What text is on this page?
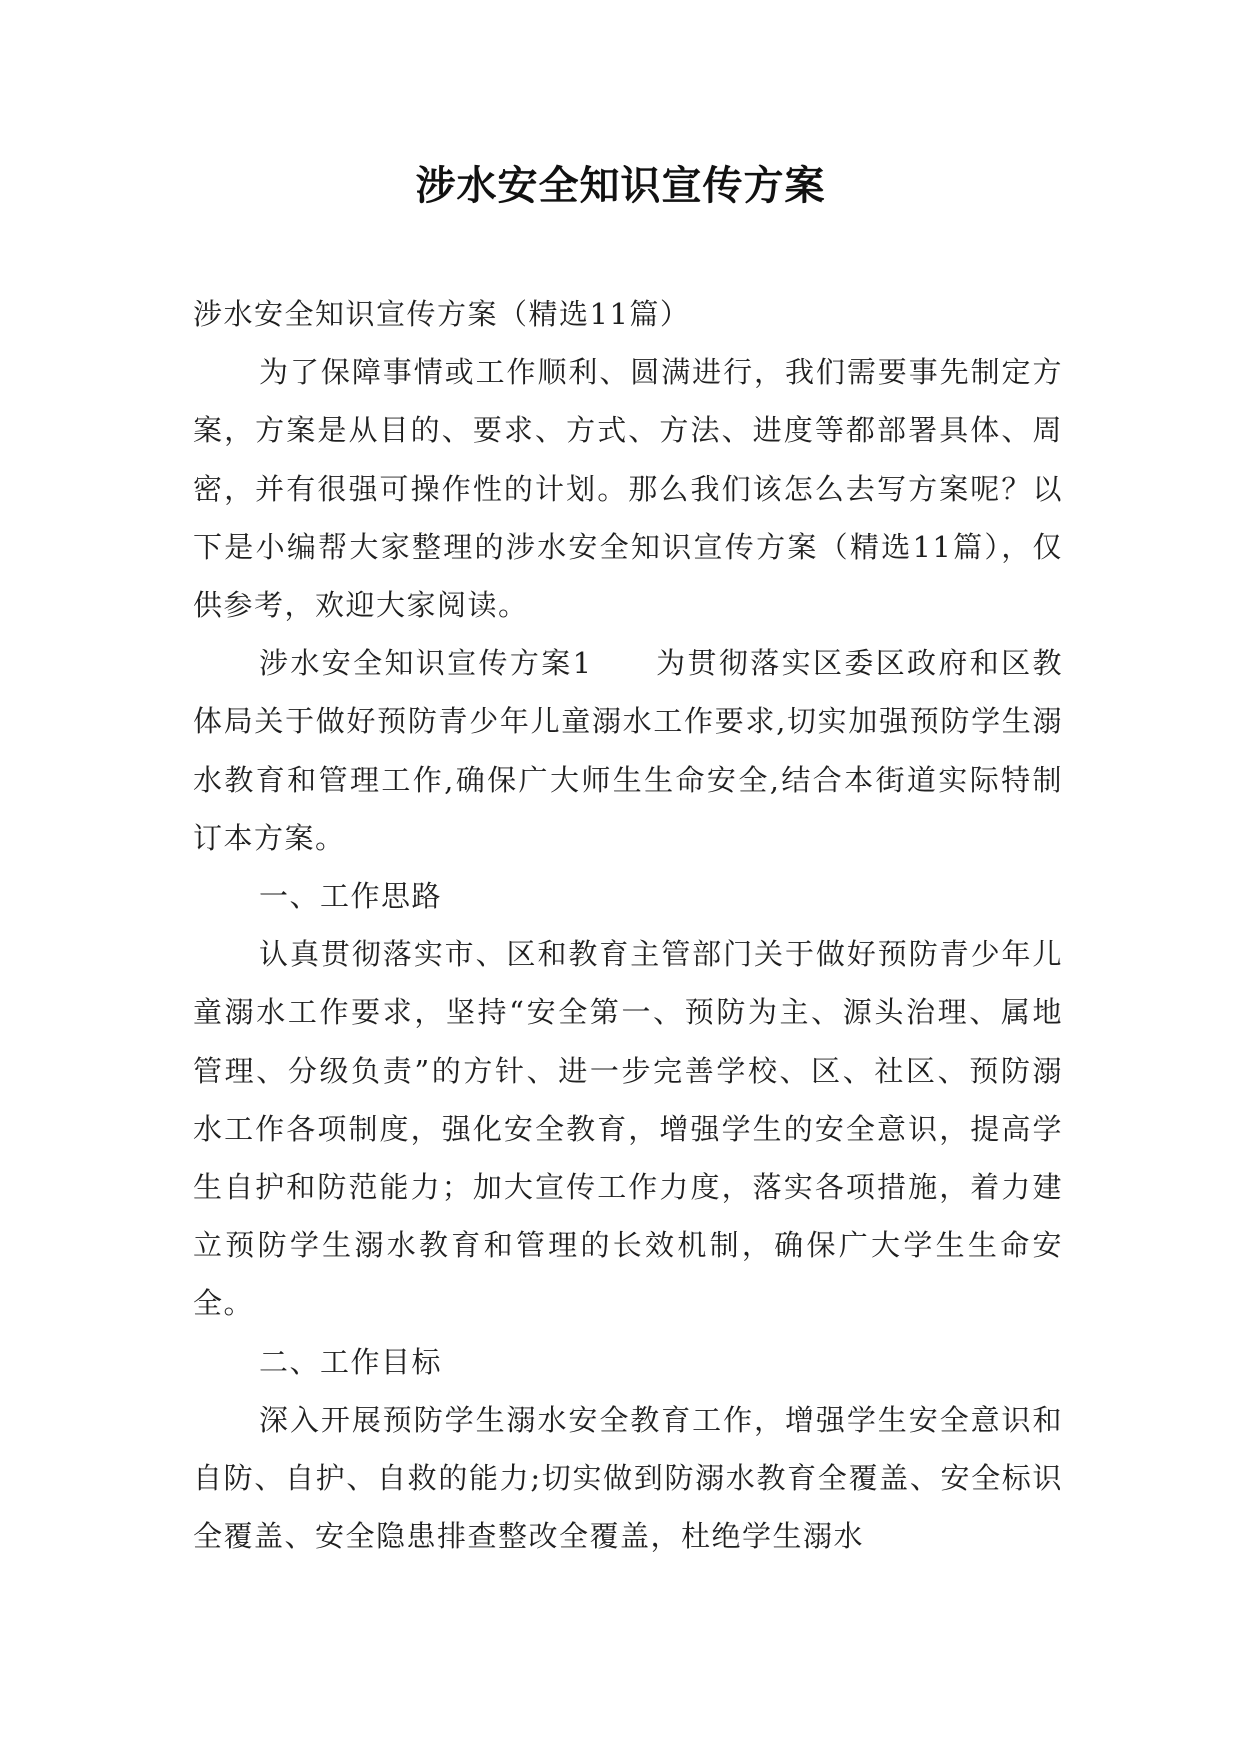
涉水安全知识宣传方案

涉水安全知识宣传方案（精选11篇）

为了保障事情或工作顺利、圆满进行，我们需要事先制定方案，方案是从目的、要求、方式、方法、进度等都部署具体、周密，并有很强可操作性的计划。那么我们该怎么去写方案呢？以下是小编帮大家整理的涉水安全知识宣传方案（精选11篇），仅供参考，欢迎大家阅读。

涉水安全知识宣传方案1　　为贯彻落实区委区政府和区教体局关于做好预防青少年儿童溺水工作要求,切实加强预防学生溺水教育和管理工作,确保广大师生生命安全,结合本街道实际特制订本方案。

一、工作思路

认真贯彻落实市、区和教育主管部门关于做好预防青少年儿童溺水工作要求，坚持“安全第一、预防为主、源头治理、属地管理、分级负责”的方针、进一步完善学校、区、社区、预防溺水工作各项制度，强化安全教育，增强学生的安全意识，提高学生自护和防范能力；加大宣传工作力度，落实各项措施，着力建立预防学生溺水教育和管理的长效机制，确保广大学生生命安全。

二、工作目标

深入开展预防学生溺水安全教育工作，增强学生安全意识和自防、自护、自救的能力;切实做到防溺水教育全覆盖、安全标识全覆盖、安全隐患排查整改全覆盖，杜绝学生溺水
